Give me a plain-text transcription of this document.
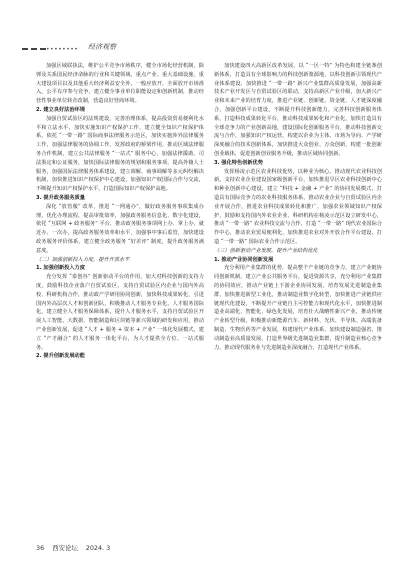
•••••••• 经济观察

加强区域联执法，维护公平竞争市场秩序，健全市场化经营机制，除弹及关系国民经济命脉的行业和关键领域，重点产业、重大基础设施、重大建设项目以及其他重大经济利益安全外，一般应放开，全面放开市场准入，公平有序参与竞争，建立健全事业单位职能设定和创新机制，推动经营性事业单位转企改制，营造良好营商环境。

2. 建立良好法治环境

加强自贸试验区的法规建设，完善治理体系，提高投资贸易便利化水平和立法水平，加快实施知识产权保护工作，建立健全知识产权保护体系。依托 “一带一路” 国际商事法律服务示范区，加快实施涉外法律服务工作，加强法律服务的协调工作，发挥政府的桥梁作用，推动区域法律服务合作机制，建立公共法律服务 “一站式” 服务中心，加强法律援助、司法鉴定和公证服务，加快国际法律服务的规划和服务事项，提高外籍人士服务，加强国际法律服务体系建设，建立调解、商事调解等多元纠纷解决机制，加快推进知识产权保护中心建设，加强知识产权国际合作与交流，不断提升知识产权保护水平，打造国际知识产权保护高地。

3. 提升政务服务质量

深化 “放管服” 改革，推进 “一网通办”，做好政务服务事项集成办理，优化办理流程，提高审批效率，加强政务服务信息化、数字化建设，依托 “互联网 + 政务服务” 平台，推动政务服务事项网上办、掌上办、就近办、一次办，提高政务服务效率和水平，加强事中事后监管，加快建设政务服务评价体系，建立健全政务服务 “好差评” 制度，提升政务服务满意度。

（二）加强创新投入力度，提升开放水平

1. 加强创新投入力度

充分发挥 “泰创谷” 创新驱动平台的作用，加大对科技创新的支持力度，鼓励科技企业落户自贸试验区，支持自贸试验区内企业与国内外高校、科研机构合作，推动政产学研用协同创新，加快科技成果转化，引进国内外高层次人才和创新团队，积极推动人才服务专业化、人才服务国际化，建立健全人才服务保障体系，提升人才服务水平，支持自贸试验区开展人工智能、大数据、智能制造和区块链等新兴领域的研发和应用，推动产业创新发展，促进 “人才 + 服务 + 资本 + 产业” 一体化发展模式，建立 “产才融合” 的人才服务一体化平台，为人才提供全方位、一站式服务。

2. 提升创新发展动能

加快建设四大高新区改革发展，以 “一区一特” 为特色构建全链条创新体系，打造具有全球影响力的科技创新策源地，以科技创新引领现代产业体系建设，加快推进 “一带一路” 新兴产业集群高质量发展，加强高新技术产业开发区与自贸试验区的联动，支持高新区产业升级，加大新兴产业和未来产业的培育力度，推进产业链、创新链、资金链、人才链深度融合，加强创新平台建设，不断提升科技创新能力，完善科技创新服务体系，打造科技成果转化平台，推动科技成果转化和产业化，加快打造具有全球竞争力的产业创新高地，建设国际化创新服务平台，推动科技创新交流与合作，加强知识产权运营，构建以企业为主体、市场为导向、产学研深度融合的技术创新体系，加快推进大众创业、万众创新，构建一批创新创业载体，促进创新创业服务升级，推动区域协同创新。

3. 强化特色创新优势

发挥杨凌示范区农业科技优势，以种业为核心，推动现代农业科技创新，支持农业企业建设国家级创新平台，加快推进旱区农业科技创新中心和种业创新中心建设，建立 “科技 + 金融 + 产业” 的协同发展模式，打造具有国际竞争力的农业科技服务体系，推动农业企业与自贸试验区内企业开展合作，推进农业科技成果转化和推广，加强农业领域知识产权保护，鼓励和支持国内外农业企业、科研机构在杨凌示范区设立研发中心，推动 “一带一路” 农业科技交流与合作，打造 “一带一路” 现代农业国际合作中心，推动农业贸易便利化，加快推进农业对外开放合作平台建设，打造 “一带一路” 国际农业合作示范区。

（三）创新驱动产业发展，提升产业结构优化

1. 推动产业协同创新发展

充分利用产业集群的优势，提高整个产业链的竞争力，建立产业链协同创新机制，建立产业公共服务平台，促进资源共享，充分利用产业集群的协同效应，推动产业链上下游企业协同发展，培育发展先进制造业集群，加快推进新型工业化，推动制造业数字化转型，加快推进产业链供应链现代化建设，不断提升产业链自主可控能力和现代化水平，加快推进制造业高端化、智能化、绿色化发展，培育壮大战略性新兴产业，推动传统产业转型升级，积极推动新能源汽车、新材料、光伏、半导体、高端装备制造、生物医药等产业发展，构建现代产业体系，加快建设制造强省，推动制造业高质量发展，打造世界级先进制造业集群，提升制造业核心竞争力，推动现代服务业与先进制造业深度融合，打造现代产业体系。

36 西安论坛 2024. 3
